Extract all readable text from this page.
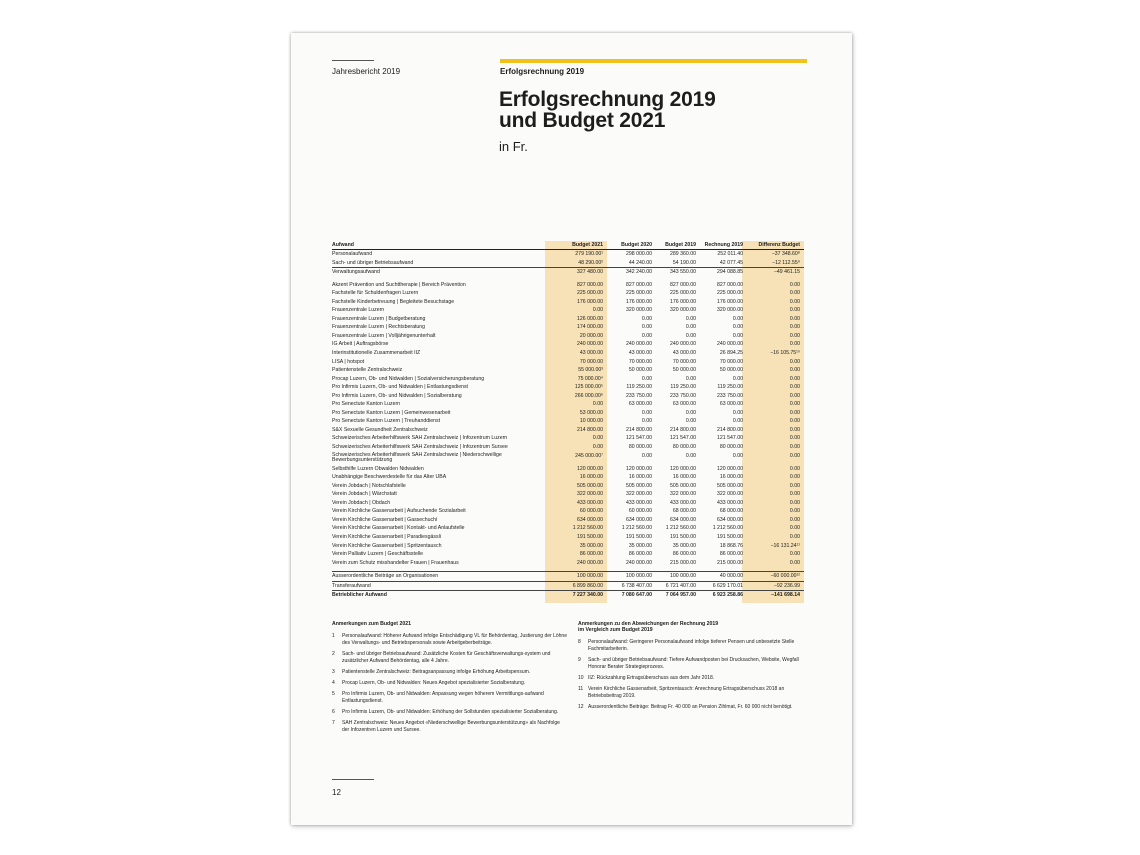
Jahresbericht 2019	Erfolgsrechnung 2019
Erfolgsrechnung 2019
und Budget 2021
in Fr.
Aufwand	Budget 2021	Budget 2020	Budget 2019	Rechnung 2019	Differenz Budget
Personalaufwand	279 190.00¹	298 000.00	289 360.00	252 011.40	−37 348.60⁸
Sach- und übriger Betriebsaufwand	48 290.00²	44 240.00	54 190.00	42 077.45	−12 112.55⁹
Verwaltungsaufwand	327 480.00	342 240.00	343 550.00	294 088.85	−49 461.15
Akzent Prävention und Suchttherapie | Bereich Prävention	827 000.00	827 000.00	827 000.00	827 000.00	0.00
Fachstelle für Schuldenfragen Luzern	225 000.00	225 000.00	225 000.00	225 000.00	0.00
Fachstelle Kinderbetreuung | Begleitete Besuchstage	176 000.00	176 000.00	176 000.00	176 000.00	0.00
Frauenzentrale Luzern	0.00	320 000.00	320 000.00	320 000.00	0.00
Frauenzentrale Luzern | Budgetberatung	126 000.00	0.00	0.00	0.00	0.00
Frauenzentrale Luzern | Rechtsberatung	174 000.00	0.00	0.00	0.00	0.00
Frauenzentrale Luzern | Volljährigenunterhalt	20 000.00	0.00	0.00	0.00	0.00
IG Arbeit | Auftragsbörse	240 000.00	240 000.00	240 000.00	240 000.00	0.00
Interinstitutionelle Zusammenarbeit IIZ	43 000.00	43 000.00	43 000.00	26 894.25	−16 105.75¹⁰
LISA | hotspot	70 000.00	70 000.00	70 000.00	70 000.00	0.00
Patientenstelle Zentralschweiz	55 000.00³	50 000.00	50 000.00	50 000.00	0.00
Procap Luzern, Ob- und Nidwalden | Sozialversicherungsberatung	75 000.00⁴	0.00	0.00	0.00	0.00
Pro Infirmis Luzern, Ob- und Nidwalden | Entlastungsdienst	125 000.00⁵	119 250.00	119 250.00	119 250.00	0.00
Pro Infirmis Luzern, Ob- und Nidwalden | Sozialberatung	266 000.00⁶	233 750.00	233 750.00	233 750.00	0.00
Pro Senectute Kanton Luzern	0.00	63 000.00	63 000.00	63 000.00	0.00
Pro Senectute Kanton Luzern | Gemeinwesenarbeit	53 000.00	0.00	0.00	0.00	0.00
Pro Senectute Kanton Luzern | Treuhanddienst	10 000.00	0.00	0.00	0.00	0.00
S&X Sexuelle Gesundheit Zentralschweiz	214 800.00	214 800.00	214 800.00	214 800.00	0.00
Schweizerisches Arbeiterhilfswerk SAH Zentralschweiz | Infozentrum Luzern	0.00	121 547.00	121 547.00	121 547.00	0.00
Schweizerisches Arbeiterhilfswerk SAH Zentralschweiz | Infozentrum Sursee	0.00	80 000.00	80 000.00	80 000.00	0.00
Schweizerisches Arbeiterhilfswerk SAH Zentralschweiz | Niederschwellige Bewerbungsunterstützung
245 000.00⁷	0.00	0.00	0.00	0.00
Selbsthilfe Luzern Obwalden Nidwalden	120 000.00	120 000.00	120 000.00	120 000.00	0.00
Unabhängige Beschwerdestelle für das Alter UBA	16 000.00	16 000.00	16 000.00	16 000.00	0.00
Verein Jobdach | Notschlafstelle	505 000.00	505 000.00	505 000.00	505 000.00	0.00
Verein Jobdach | Wärchstatt	322 000.00	322 000.00	322 000.00	322 000.00	0.00
Verein Jobdach | Obdach	433 000.00	433 000.00	433 000.00	433 000.00	0.00
Verein Kirchliche Gassenarbeit | Aufsuchende Sozialarbeit	60 000.00	60 000.00	68 000.00	68 000.00	0.00
Verein Kirchliche Gassenarbeit | Gassechuchi	634 000.00	634 000.00	634 000.00	634 000.00	0.00
Verein Kirchliche Gassenarbeit | Kontakt- und Anlaufstelle	1 212 560.00	1 212 560.00	1 212 560.00	1 212 560.00	0.00
Verein Kirchliche Gassenarbeit | Paradiesgässli	191 500.00	191 500.00	191 500.00	191 500.00	0.00
Verein Kirchliche Gassenarbeit | Spritzentausch	35 000.00	35 000.00	35 000.00	18 868.76	−16 131.24¹¹
Verein Palliativ Luzern | Geschäftsstelle	86 000.00	86 000.00	86 000.00	86 000.00	0.00
Verein zum Schutz misshandelter Frauen | Frauenhaus	240 000.00	240 000.00	215 000.00	215 000.00	0.00
Ausserordentliche Beiträge an Organisationen	100 000.00	100 000.00	100 000.00	40 000.00	−60 000.00¹²
Transferaufwand	6 899 860.00	6 738 407.00	6 721 407.00	6 629 170.01	−92 236.99
Betrieblicher Aufwand	7 227 340.00	7 080 647.00	7 064 957.00	6 923 258.86	−141 698.14
Anmerkungen zum Budget 2021
1 Personalaufwand: Höherer Aufwand infolge Entschädigung VL für Behördentag, Justierung der Löhne des Verwaltungs- und Betriebspersonals sowie Arbeitgeberbeiträge.
2 Sach- und übriger Betriebsaufwand: Zusätzliche Kosten für Geschäftsverwaltungs-system und zusätzlicher Aufwand Behördentag, alle 4 Jahre.
3 Patientenstelle Zentralschweiz: Beitragsanpassung infolge Erhöhung Arbeitspensum.
4 Procap Luzern, Ob- und Nidwalden: Neues Angebot spezialisierter Sozialberatung.
5 Pro Infirmis Luzern, Ob- und Nidwalden: Anpassung wegen höherem Vermittlungs-aufwand Entlastungsdienst.
6 Pro Infirmis Luzern, Ob- und Nidwalden: Erhöhung der Sollstunden spezialisierter Sozialberatung.
7 SAH Zentralschweiz: Neues Angebot «Niederschwellige Bewerbungsunterstützung» als Nachfolge der Infozentren Luzern und Sursee.
Anmerkungen zu den Abweichungen der Rechnung 2019
im Vergleich zum Budget 2019
8 Personalaufwand: Geringerer Personalaufwand infolge tieferer Pensen und unbesetzte Stelle Fachmitarbeiterin.
9 Sach- und übriger Betriebsaufwand: Tiefere Aufwandposten bei Drucksachen, Website, Wegfall Honorar Berater Strategieprozess.
10 IIZ: Rückzahlung Ertragsüberschuss aus dem Jahr 2018.
11 Verein Kirchliche Gassenarbeit, Spritzentausch: Anrechnung Ertragsüberschuss 2018 an Betriebsbeitrag 2019.
12 Ausserordentliche Beiträge: Beitrag Fr. 40 000 an Pension Zihlmat, Fr. 60 000 nicht benötigt.
12
